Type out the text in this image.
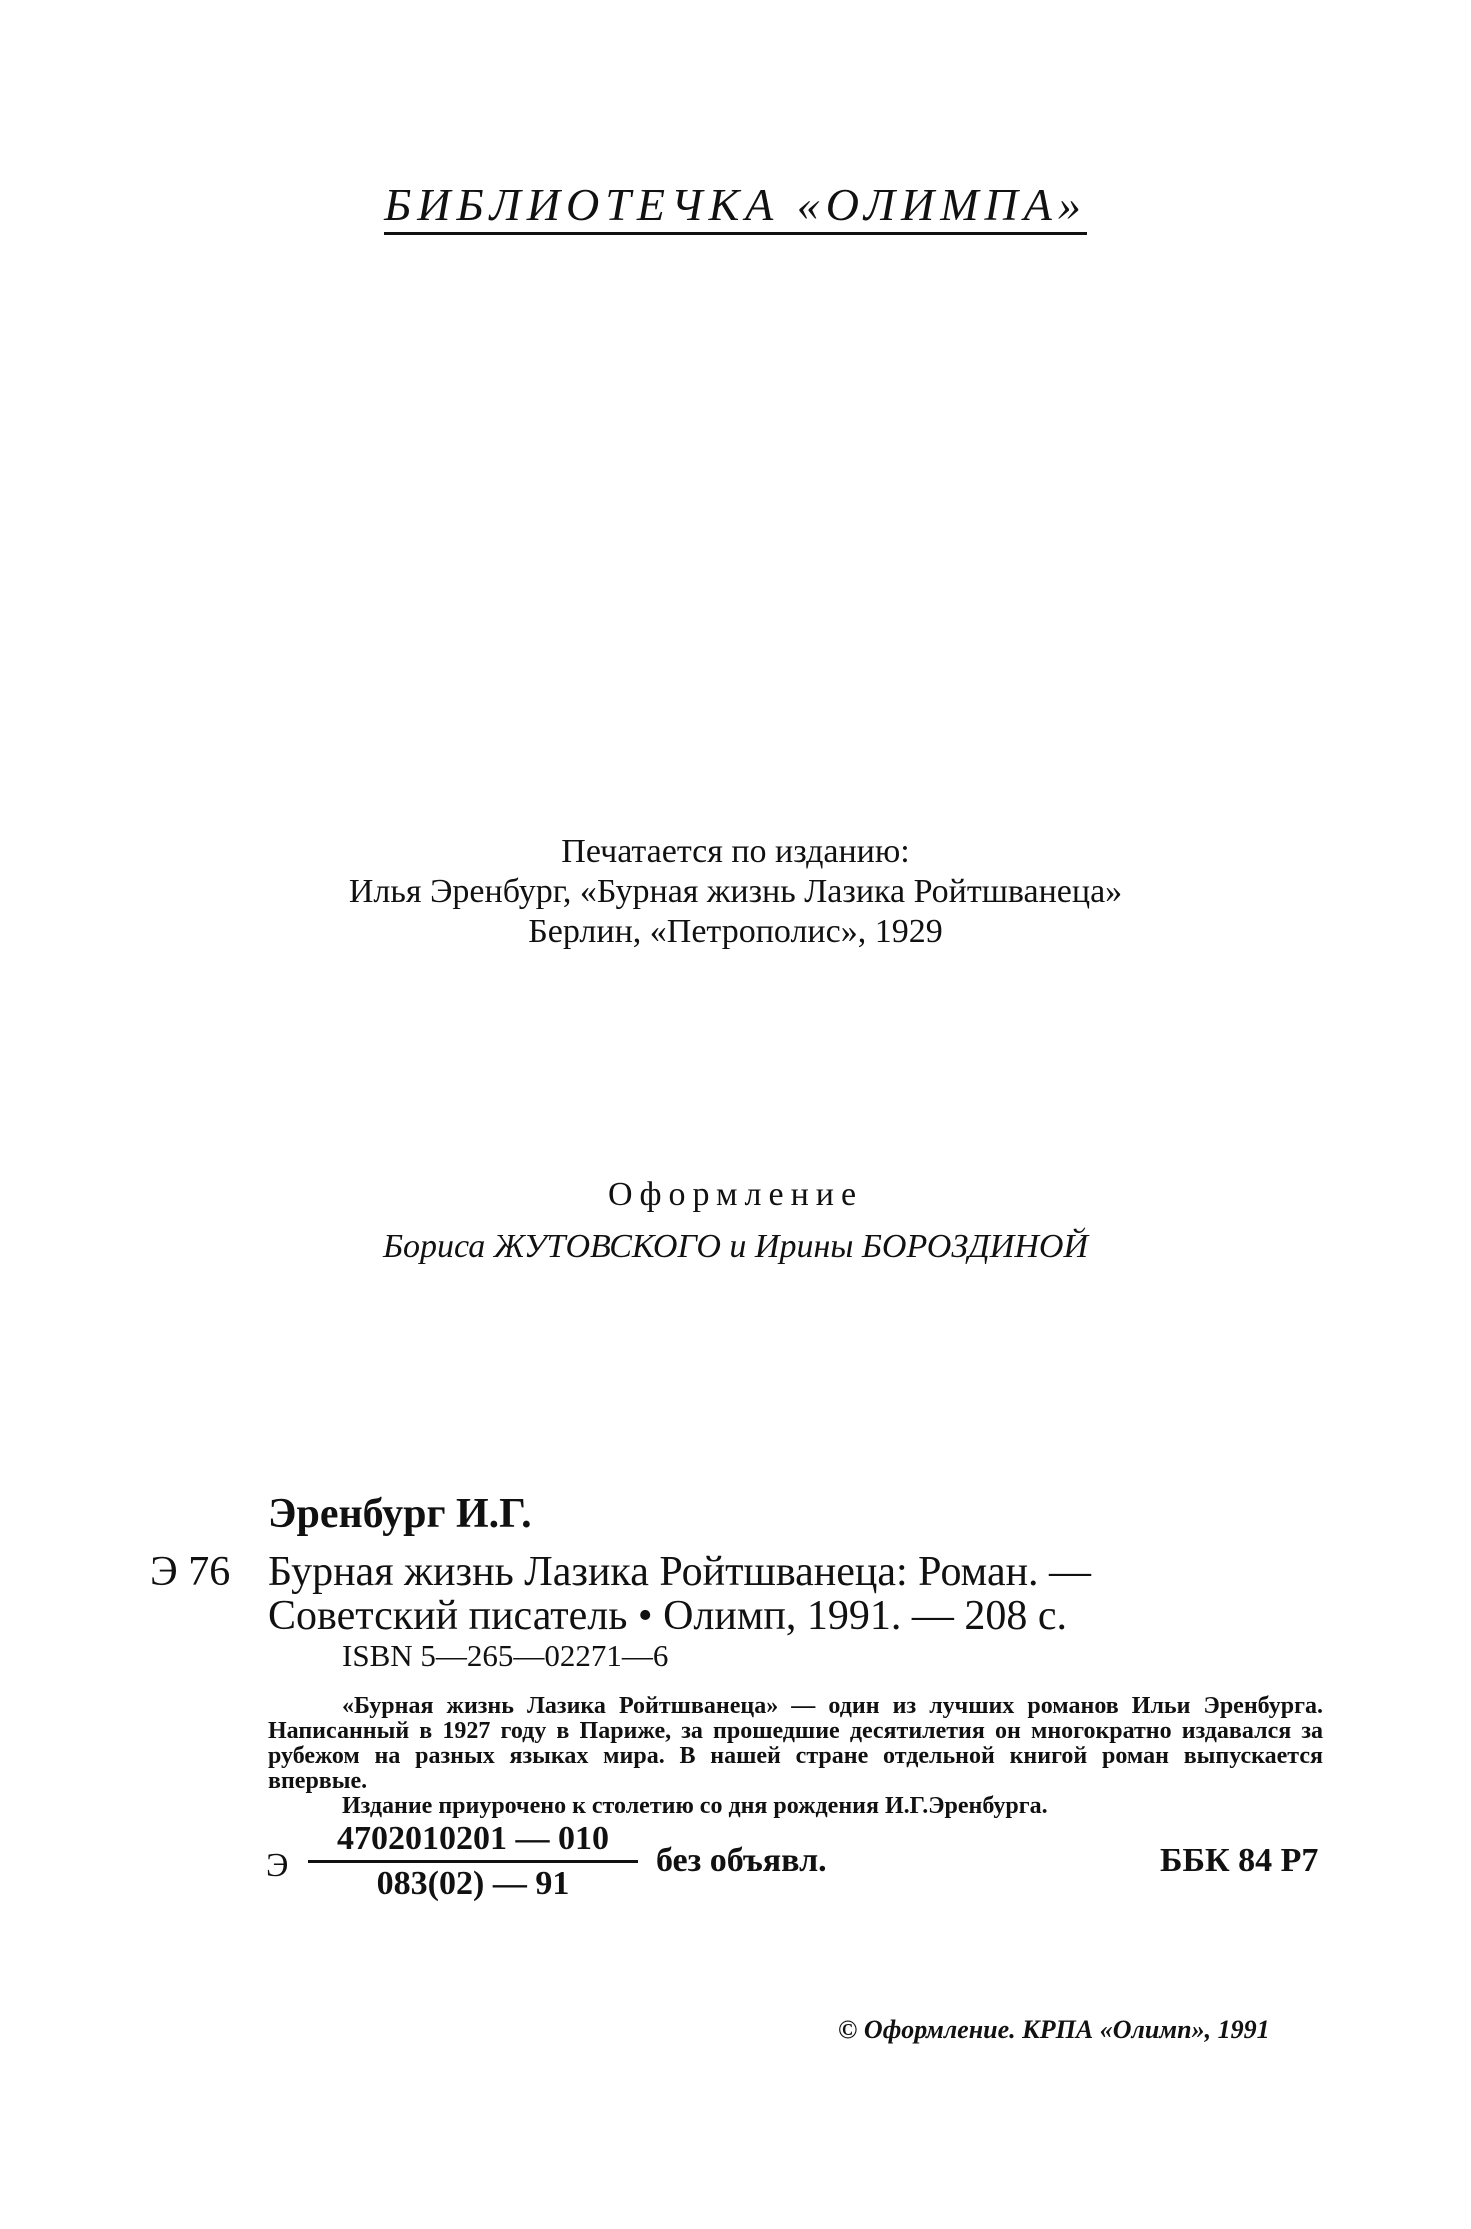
БИБЛИОТЕЧКА «ОЛИМПА»
Печатается по изданию:
Илья Эренбург, «Бурная жизнь Лазика Ройтшванеца»
Берлин, «Петрополис», 1929
Оформление
Бориса ЖУТОВСКОГО и Ирины БОРОЗДИНОЙ
Эренбург И.Г.
Э 76 Бурная жизнь Лазика Ройтшванеца: Роман. —
Советский писатель • Олимп, 1991. — 208 с.
ISBN 5—265—02271—6

«Бурная жизнь Лазика Ройтшванеца» — один из лучших романов Ильи Эренбурга. Написанный в 1927 году в Париже, за прошедшие десятилетия он многократно издавался за рубежом на разных языках мира. В нашей стране отдельной книгой роман выпускается впервые.

Издание приурочено к столетию со дня рождения И.Г.Эренбурга.

Э $\frac{4702010201 — 010}{083(02) — 91}$ без объявл.	ББК 84 Р7
© Оформление. КРПА «Олимп», 1991
